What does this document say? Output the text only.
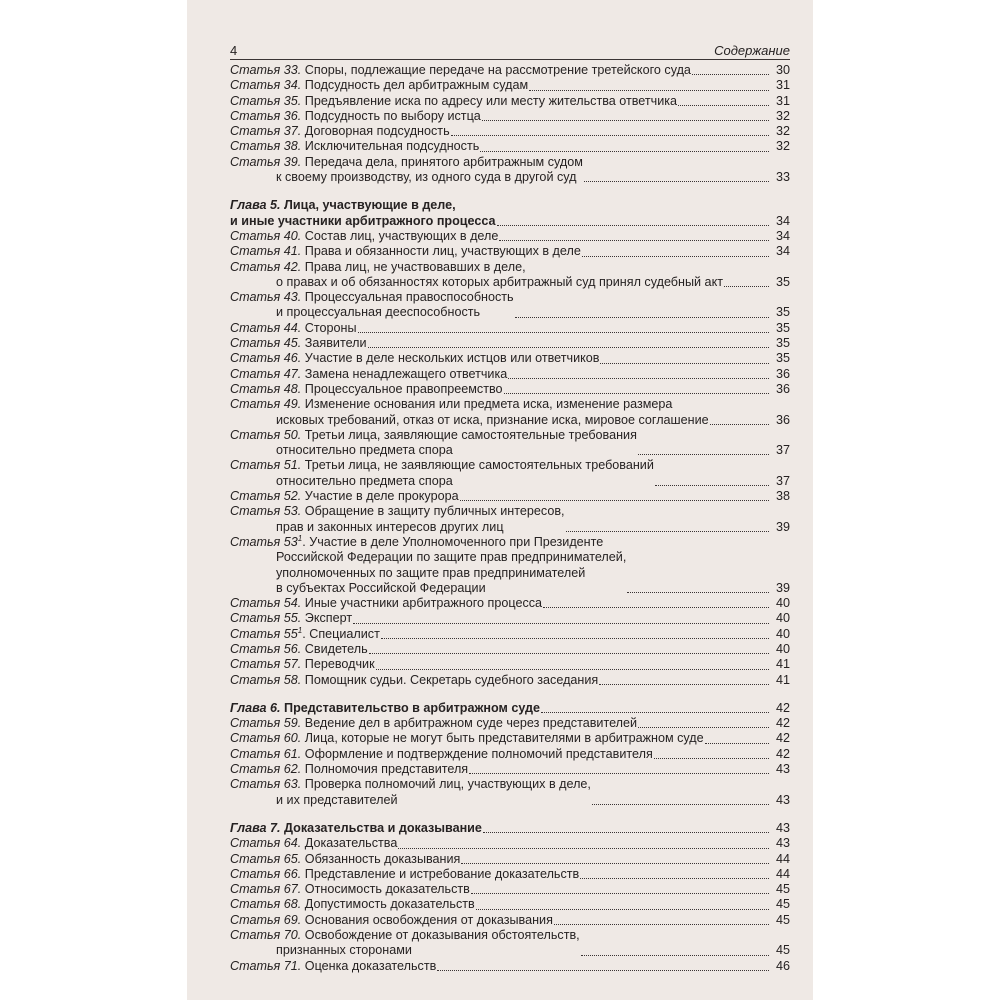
4	Содержание
Статья 33. Споры, подлежащие передаче на рассмотрение третейского суда	30
Статья 34. Подсудность дел арбитражным судам	31
Статья 35. Предъявление иска по адресу или месту жительства ответчика	31
Статья 36. Подсудность по выбору истца	32
Статья 37. Договорная подсудность	32
Статья 38. Исключительная подсудность	32
Статья 39. Передача дела, принятого арбитражным судом
к своему производству, из одного суда в другой суд	33
Глава 5. Лица, участвующие в деле,
и иные участники арбитражного процесса	34
Статья 40. Состав лиц, участвующих в деле	34
Статья 41. Права и обязанности лиц, участвующих в деле	34
Статья 42. Права лиц, не участвовавших в деле,
о правах и об обязанностях которых арбитражный суд принял судебный акт	35
Статья 43. Процессуальная правоспособность
и процессуальная дееспособность	35
Статья 44. Стороны	35
Статья 45. Заявители	35
Статья 46. Участие в деле нескольких истцов или ответчиков	35
Статья 47. Замена ненадлежащего ответчика	36
Статья 48. Процессуальное правопреемство	36
Статья 49. Изменение основания или предмета иска, изменение размера
исковых требований, отказ от иска, признание иска, мировое соглашение	36
Статья 50. Третьи лица, заявляющие самостоятельные требования
относительно предмета спора	37
Статья 51. Третьи лица, не заявляющие самостоятельных требований
относительно предмета спора	37
Статья 52. Участие в деле прокурора	38
Статья 53. Обращение в защиту публичных интересов,
прав и законных интересов других лиц	39
Статья $53^1$. Участие в деле Уполномоченного при Президенте
Российской Федерации по защите прав предпринимателей,
уполномоченных по защите прав предпринимателей
в субъектах Российской Федерации	39
Статья 54. Иные участники арбитражного процесса	40
Статья 55. Эксперт	40
Статья $55^1$. Специалист	40
Статья 56. Свидетель	40
Статья 57. Переводчик	41
Статья 58. Помощник судьи. Секретарь судебного заседания	41
Глава 6. Представительство в арбитражном суде	42
Статья 59. Ведение дел в арбитражном суде через представителей	42
Статья 60. Лица, которые не могут быть представителями в арбитражном суде	42
Статья 61. Оформление и подтверждение полномочий представителя	42
Статья 62. Полномочия представителя	43
Статья 63. Проверка полномочий лиц, участвующих в деле,
и их представителей	43
Глава 7. Доказательства и доказывание	43
Статья 64. Доказательства	43
Статья 65. Обязанность доказывания	44
Статья 66. Представление и истребование доказательств	44
Статья 67. Относимость доказательств	45
Статья 68. Допустимость доказательств	45
Статья 69. Основания освобождения от доказывания	45
Статья 70. Освобождение от доказывания обстоятельств,
признанных сторонами	45
Статья 71. Оценка доказательств	46
